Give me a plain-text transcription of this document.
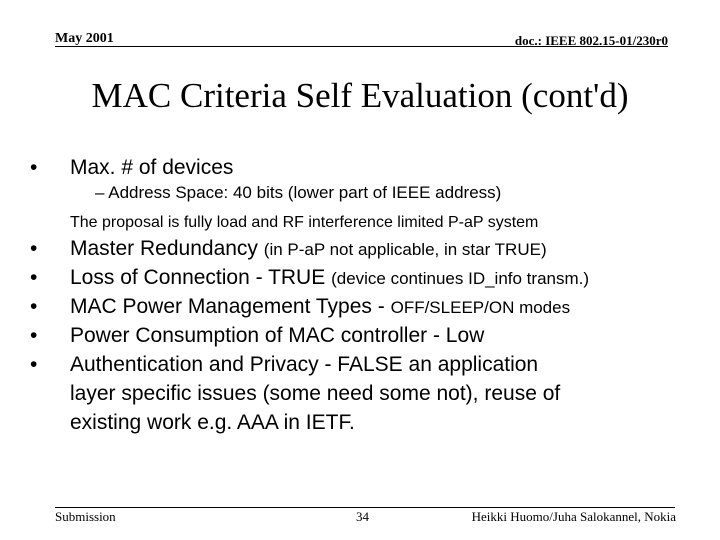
May 2001	doc.: IEEE 802.15-01/230r0
MAC Criteria Self Evaluation (cont'd)
• Max. # of devices
– Address Space: 40 bits (lower part of IEEE address)
The proposal is fully load and RF interference limited P-aP system
• Master Redundancy (in P-aP not applicable, in star TRUE)
• Loss of Connection - TRUE (device continues ID_info transm.)
• MAC Power Management Types - OFF/SLEEP/ON modes
• Power Consumption of MAC controller - Low
• Authentication and Privacy - FALSE an application
layer specific issues (some need some not), reuse of
existing work e.g. AAA in IETF.
Submission	34	Heikki Huomo/Juha Salokannel, Nokia
